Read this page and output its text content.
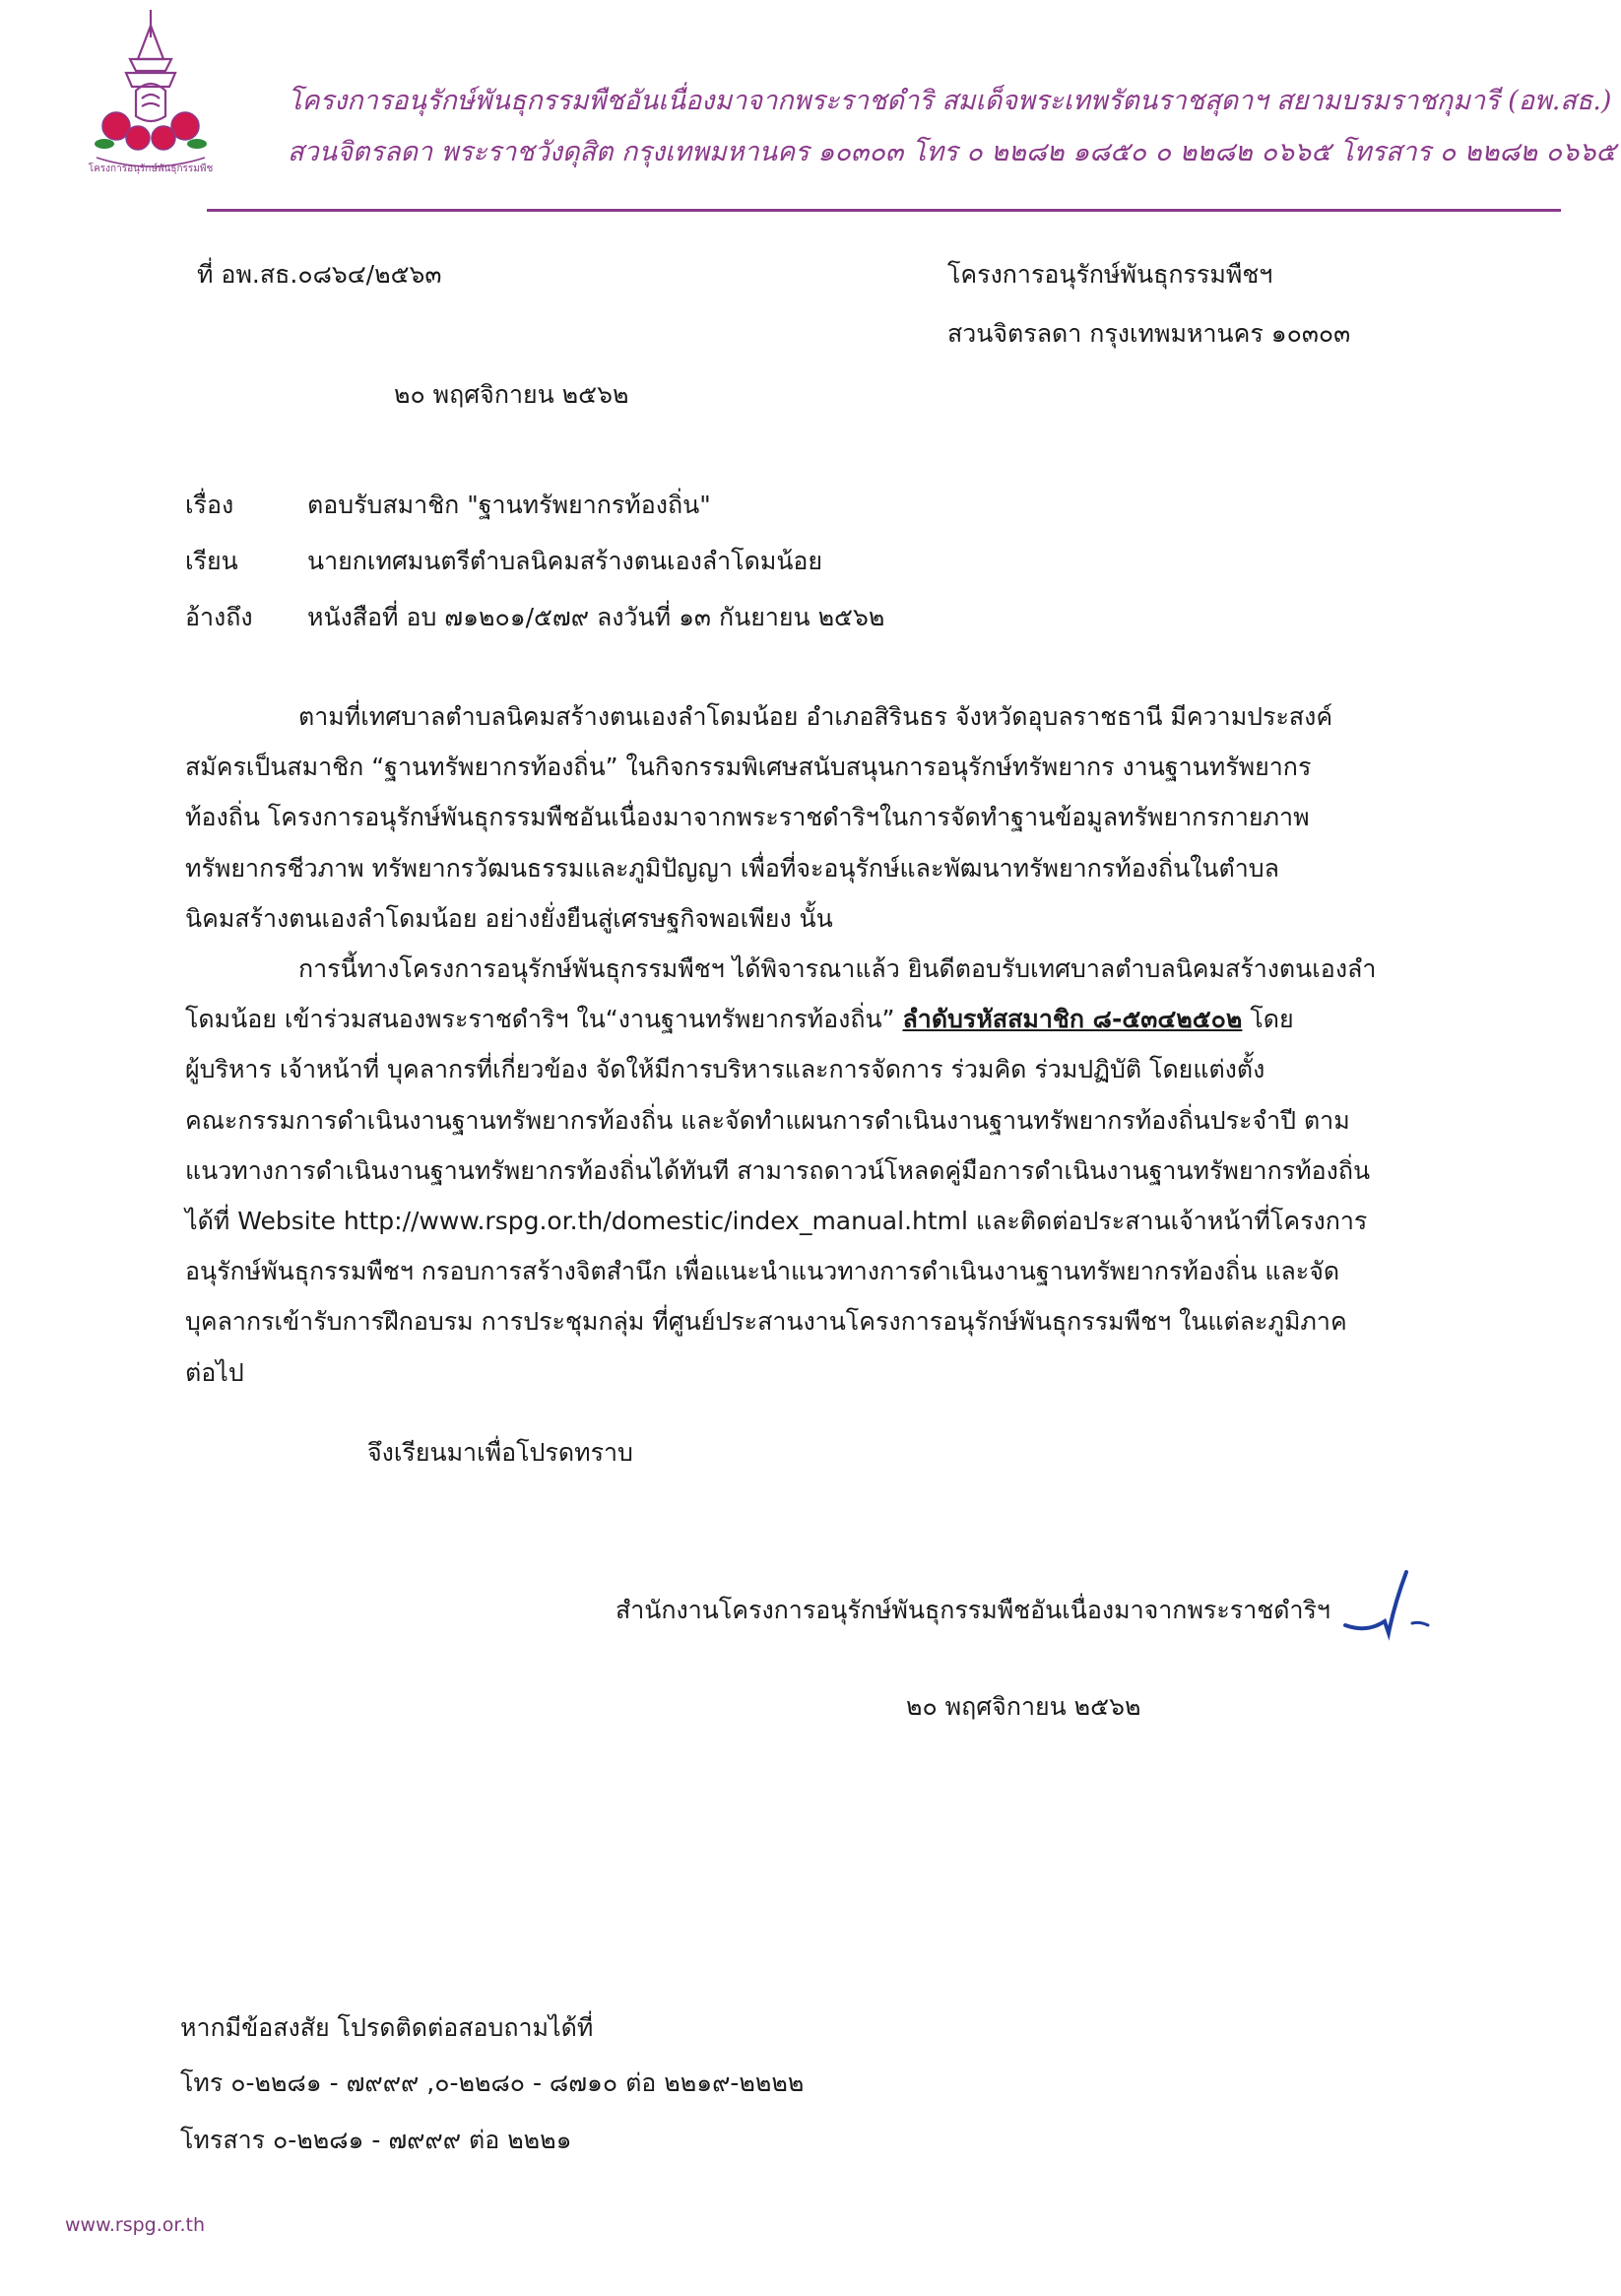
โครงการอนุรักษ์พันธุกรรมพืช
โครงการอนุรักษ์พันธุกรรมพืชอันเนื่องมาจากพระราชดำริ สมเด็จพระเทพรัตนราชสุดาฯ สยามบรมราชกุมารี (อพ.สธ.)
สวนจิตรลดา พระราชวังดุสิต กรุงเทพมหานคร ๑๐๓๐๓ โทร ๐ ๒๒๘๒ ๑๘๕๐ ๐ ๒๒๘๒ ๐๖๖๕ โทรสาร ๐ ๒๒๘๒ ๐๖๖๕
ที่ อพ.สธ.๐๘๖๔/๒๕๖๓	โครงการอนุรักษ์พันธุกรรมพืชฯ
สวนจิตรลดา กรุงเทพมหานคร ๑๐๓๐๓
๒๐ พฤศจิกายน ๒๕๖๒
เรื่อง	ตอบรับสมาชิก "ฐานทรัพยากรท้องถิ่น"
เรียน	นายกเทศมนตรีตำบลนิคมสร้างตนเองลำโดมน้อย
อ้างถึง หนังสือที่ อบ ๗๑๒๐๑/๕๗๙ ลงวันที่ ๑๓ กันยายน ๒๕๖๒
ตามที่เทศบาลตำบลนิคมสร้างตนเองลำโดมน้อย อำเภอสิรินธร จังหวัดอุบลราชธานี มีความประสงค์
สมัครเป็นสมาชิก “ฐานทรัพยากรท้องถิ่น” ในกิจกรรมพิเศษสนับสนุนการอนุรักษ์ทรัพยากร งานฐานทรัพยากร
ท้องถิ่น โครงการอนุรักษ์พันธุกรรมพืชอันเนื่องมาจากพระราชดำริฯในการจัดทำฐานข้อมูลทรัพยากรกายภาพ
ทรัพยากรชีวภาพ ทรัพยากรวัฒนธรรมและภูมิปัญญา เพื่อที่จะอนุรักษ์และพัฒนาทรัพยากรท้องถิ่นในตำบล
นิคมสร้างตนเองลำโดมน้อย อย่างยั่งยืนสู่เศรษฐกิจพอเพียง นั้น
การนี้ทางโครงการอนุรักษ์พันธุกรรมพืชฯ ได้พิจารณาแล้ว ยินดีตอบรับเทศบาลตำบลนิคมสร้างตนเองลำ
โดมน้อย เข้าร่วมสนองพระราชดำริฯ ใน“งานฐานทรัพยากรท้องถิ่น” ลำดับรหัสสมาชิก ๘-๕๓๔๒๕๐๒ โดย
ผู้บริหาร เจ้าหน้าที่ บุคลากรที่เกี่ยวข้อง จัดให้มีการบริหารและการจัดการ ร่วมคิด ร่วมปฏิบัติ โดยแต่งตั้ง
คณะกรรมการดำเนินงานฐานทรัพยากรท้องถิ่น และจัดทำแผนการดำเนินงานฐานทรัพยากรท้องถิ่นประจำปี ตาม
แนวทางการดำเนินงานฐานทรัพยากรท้องถิ่นได้ทันที สามารถดาวน์โหลดคู่มือการดำเนินงานฐานทรัพยากรท้องถิ่น
ได้ที่ Website http://www.rspg.or.th/domestic/index_manual.html และติดต่อประสานเจ้าหน้าที่โครงการ
อนุรักษ์พันธุกรรมพืชฯ กรอบการสร้างจิตสำนึก เพื่อแนะนำแนวทางการดำเนินงานฐานทรัพยากรท้องถิ่น และจัด
บุคลากรเข้ารับการฝึกอบรม การประชุมกลุ่ม ที่ศูนย์ประสานงานโครงการอนุรักษ์พันธุกรรมพืชฯ ในแต่ละภูมิภาค
ต่อไป
จึงเรียนมาเพื่อโปรดทราบ
สำนักงานโครงการอนุรักษ์พันธุกรรมพืชอันเนื่องมาจากพระราชดำริฯ
๒๐ พฤศจิกายน ๒๕๖๒
หากมีข้อสงสัย โปรดติดต่อสอบถามได้ที่
โทร ๐-๒๒๘๑ - ๗๙๙๙ ,๐-๒๒๘๐ - ๘๗๑๐ ต่อ ๒๒๑๙-๒๒๒๒
โทรสาร ๐-๒๒๘๑ - ๗๙๙๙ ต่อ ๒๒๒๑
www.rspg.or.th
